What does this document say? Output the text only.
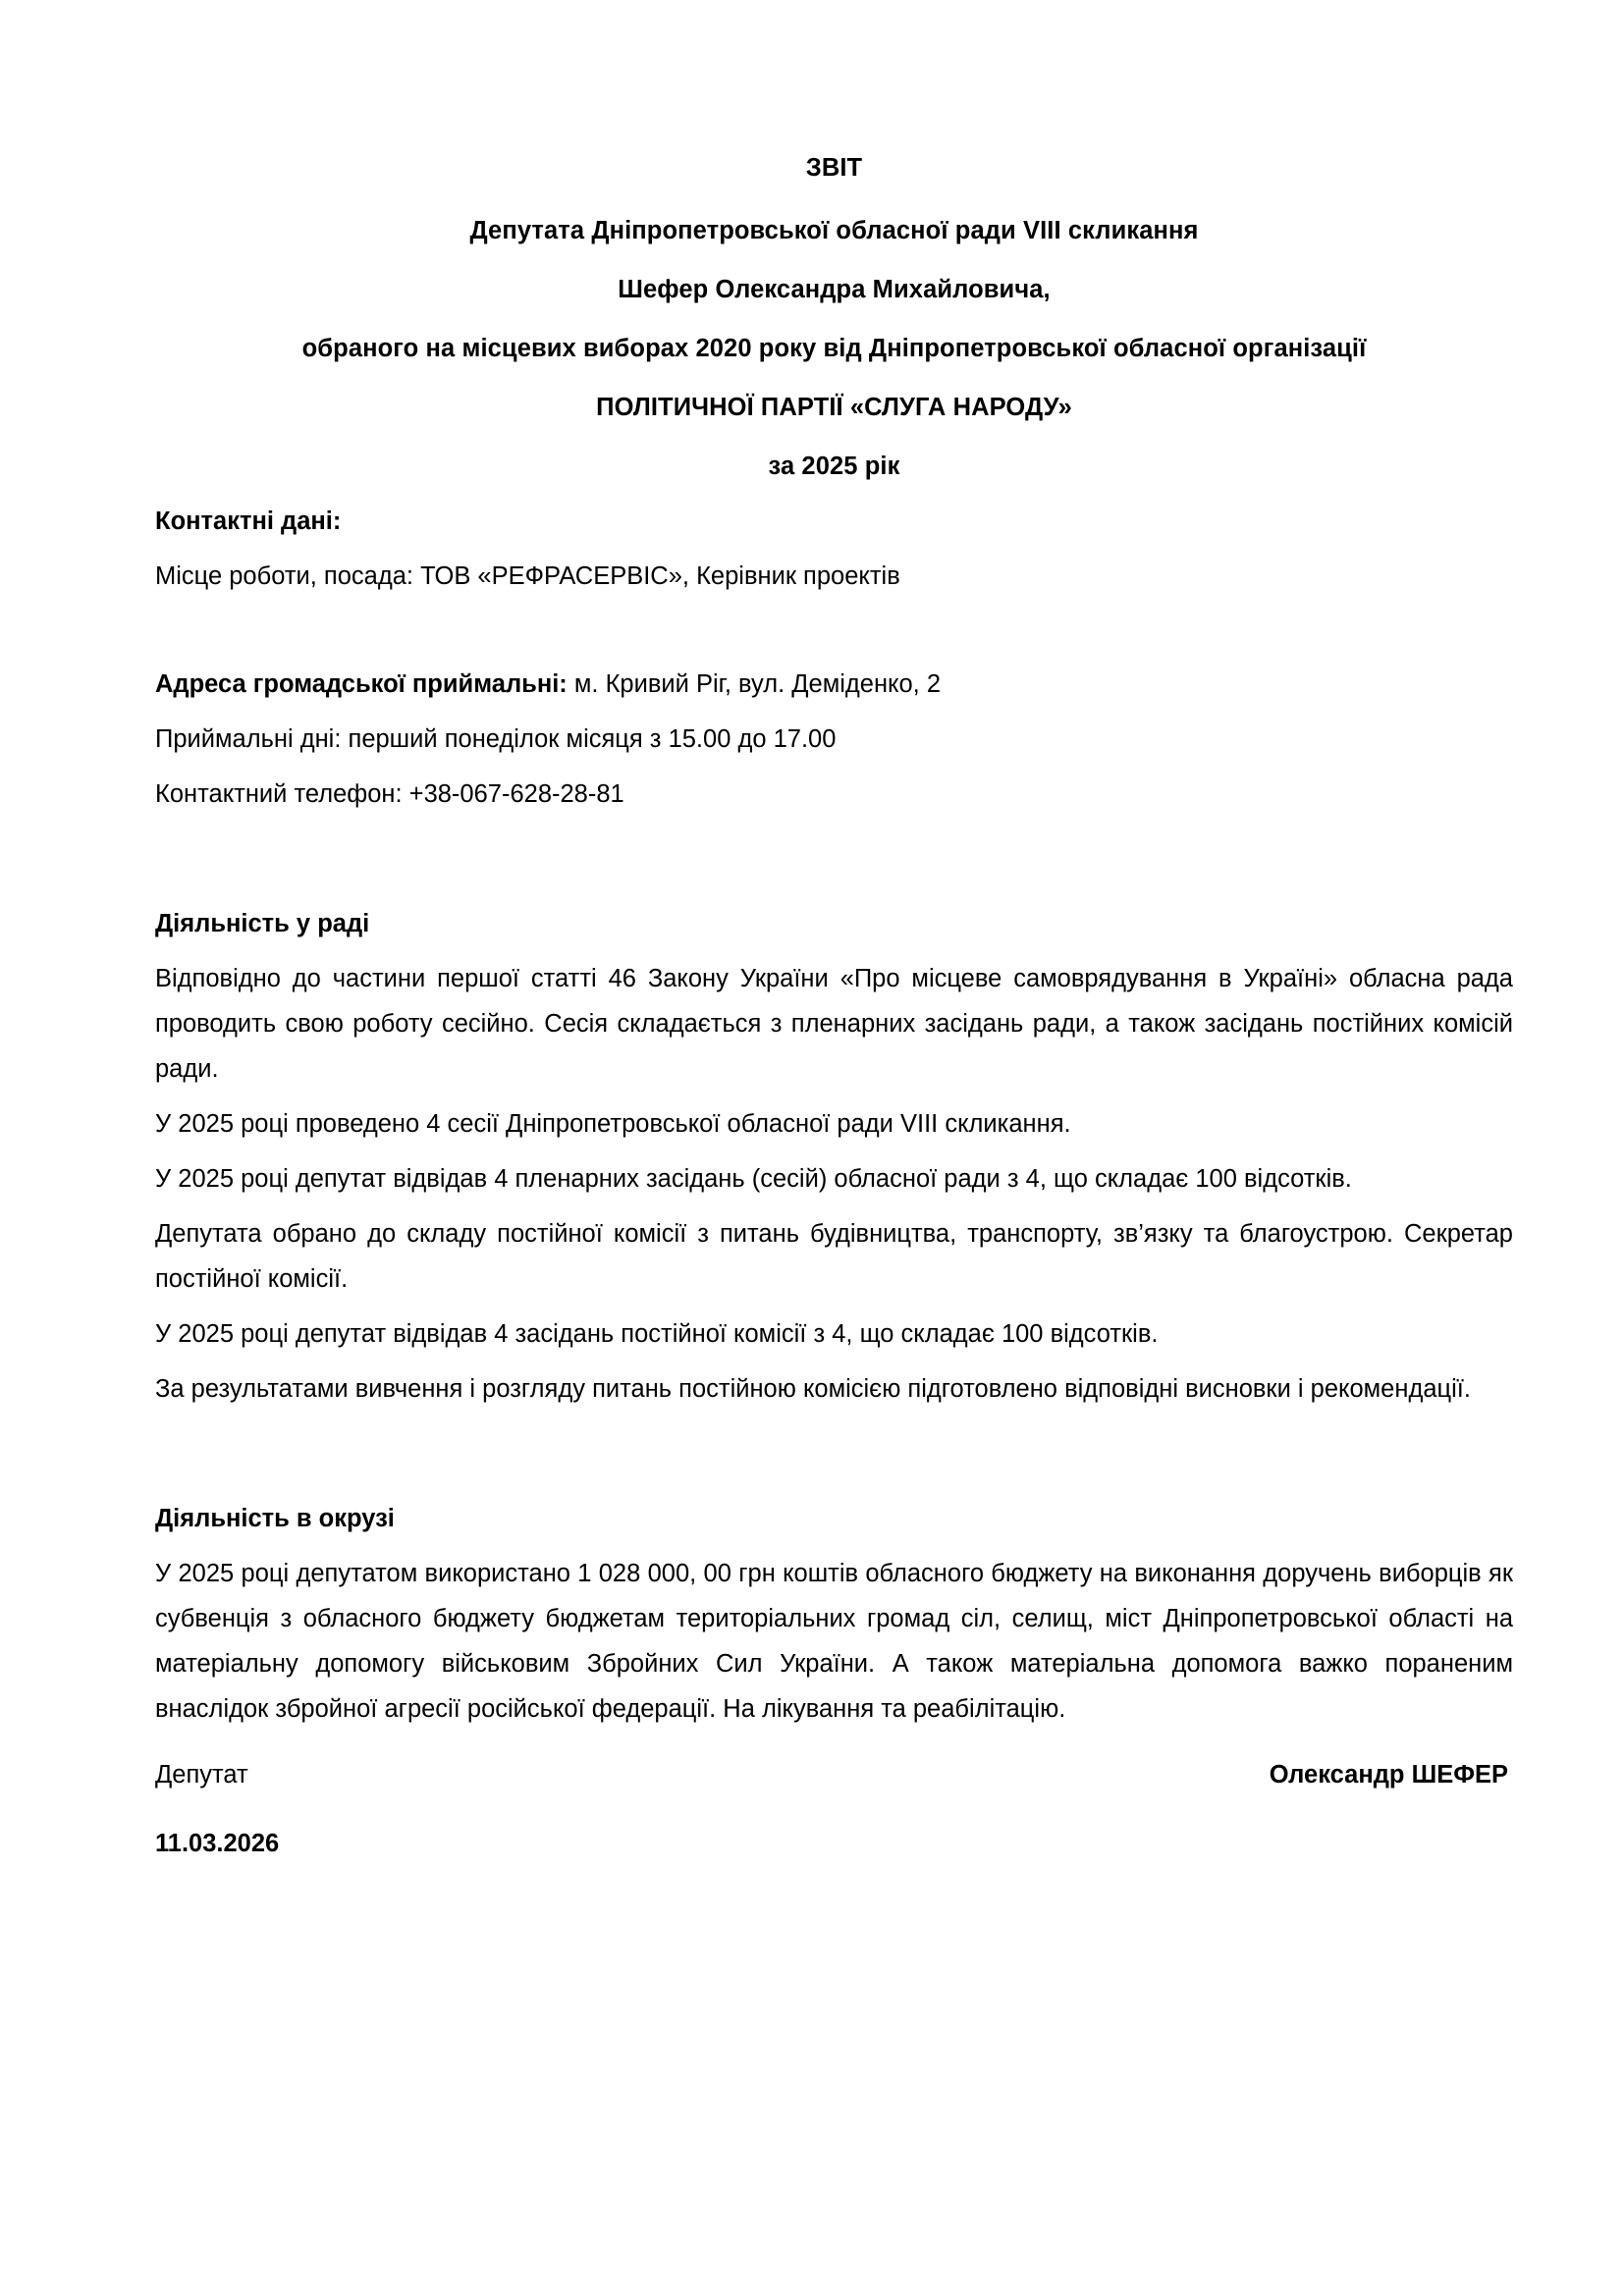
ЗВІТ

Депутата Дніпропетровської обласної ради VIII скликання

Шефер Олександра Михайловича,

обраного на місцевих виборах 2020 року від Дніпропетровської обласної організації

ПОЛІТИЧНОЇ ПАРТІЇ «СЛУГА НАРОДУ»

за 2025 рік

Контактні дані:

Місце роботи, посада: ТОВ «РЕФРАСЕРВІС», Керівник проектів

Адреса громадської приймальні: м. Кривий Ріг, вул. Деміденко, 2

Приймальні дні: перший понеділок місяця з 15.00 до 17.00

Контактний телефон: +38-067-628-28-81

Діяльність у раді

Відповідно до частини першої статті 46 Закону України «Про місцеве самоврядування в Україні» обласна рада проводить свою роботу сесійно. Сесія складається з пленарних засідань ради, а також засідань постійних комісій ради.

У 2025 році проведено 4 сесії Дніпропетровської обласної ради VIII скликання.

У 2025 році депутат відвідав 4 пленарних засідань (сесій) обласної ради з 4, що складає 100 відсотків.

Депутата обрано до складу постійної комісії з питань будівництва, транспорту, зв’язку та благоустрою. Секретар постійної комісії.

У 2025 році депутат відвідав 4 засідань постійної комісії з 4, що складає 100 відсотків.

За результатами вивчення і розгляду питань постійною комісією підготовлено відповідні висновки і рекомендації.

Діяльність в окрузі

У 2025 році депутатом використано 1 028 000, 00 грн коштів обласного бюджету на виконання доручень виборців як субвенція з обласного бюджету бюджетам територіальних громад сіл, селищ, міст Дніпропетровської області на матеріальну допомогу військовим Збройних Сил України. А також матеріальна допомога важко пораненим внаслідок збройної агресії російської федерації. На лікування та реабілітацію.

Депутат	Олександр ШЕФЕР

11.03.2026
